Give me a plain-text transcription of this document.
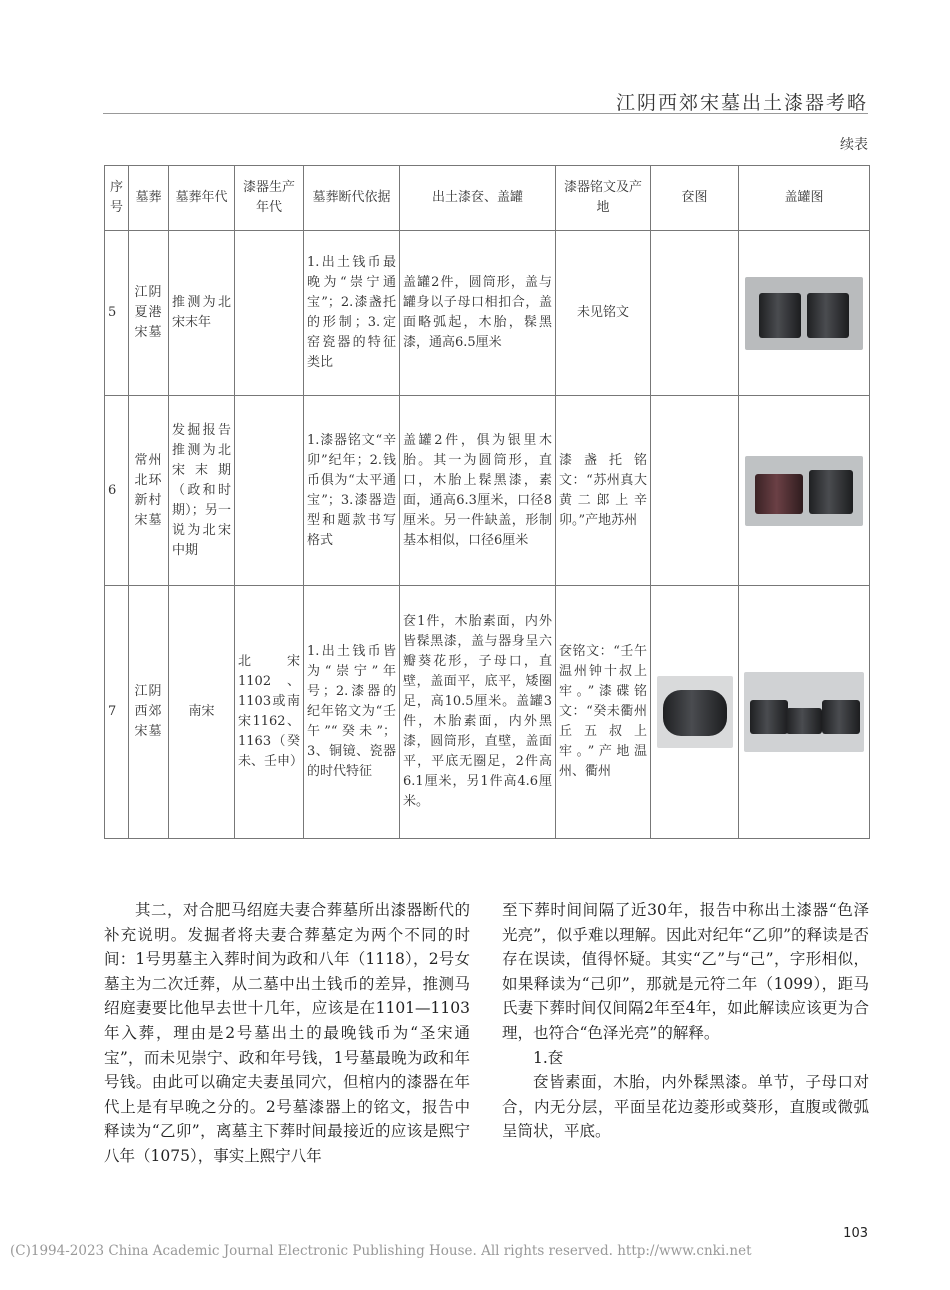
江阴西郊宋墓出土漆器考略
续表
序号	墓葬	墓葬年代	漆器生产年代	墓葬断代依据	出土漆奁、盖罐	漆器铭文及产地	奁图	盖罐图
5	江阴夏港宋墓	推测为北宋末年		1.出土钱币最晚为“崇宁通宝”；2.漆盏托的形制；3.定窑瓷器的特征类比	盖罐2件，圆筒形，盖与罐身以子母口相扣合，盖面略弧起，木胎，髹黑漆，通高6.5厘米	未见铭文		

6	常州北环新村宋墓	发掘报告推测为北宋末期（政和时期）；另一说为北宋中期		1.漆器铭文“辛卯”纪年；2.钱币俱为“太平通宝”；3.漆器造型和题款书写格式	盖罐2件，俱为银里木胎。其一为圆筒形，直口，木胎上髹黑漆，素面，通高6.3厘米，口径8厘米。另一件缺盖，形制基本相似，口径6厘米	漆盏托铭文：“苏州真大黄二郎上辛卯。”产地苏州		

7	江阴西郊宋墓	南宋	北宋1102、1103或南宋1162、1163（癸未、壬申）	1.出土钱币皆为“崇宁”年号；2.漆器的纪年铭文为“壬午”“癸未”；3、铜镜、瓷器的时代特征	奁1件，木胎素面，内外皆髹黑漆，盖与器身呈六瓣葵花形，子母口，直壁，盖面平，底平，矮圈足，高10.5厘米。盖罐3件，木胎素面，内外黑漆，圆筒形，直壁，盖面平，平底无圈足，2件高6.1厘米，另1件高4.6厘米。	奁铭文：“壬午温州钟十叔上牢。”漆碟铭文：“癸未衢州丘五叔上牢。”产地温州、衢州	

其二，对合肥马绍庭夫妻合葬墓所出漆器断代的补充说明。发掘者将夫妻合葬墓定为两个不同的时间：1号男墓主入葬时间为政和八年（1118），2号女墓主为二次迁葬，从二墓中出土钱币的差异，推测马绍庭妻要比他早去世十几年，应该是在1101—1103年入葬，理由是2号墓出土的最晚钱币为“圣宋通宝”，而未见崇宁、政和年号钱，1号墓最晚为政和年号钱。由此可以确定夫妻虽同穴，但棺内的漆器在年代上是有早晚之分的。2号墓漆器上的铭文，报告中释读为“乙卯”，离墓主下葬时间最接近的应该是熙宁八年（1075），事实上熙宁八年

至下葬时间间隔了近30年，报告中称出土漆器“色泽光亮”，似乎难以理解。因此对纪年“乙卯”的释读是否存在误读，值得怀疑。其实“乙”与“己”，字形相似，如果释读为“己卯”，那就是元符二年（1099），距马氏妻下葬时间仅间隔2年至4年，如此解读应该更为合理，也符合“色泽光亮”的解释。

1.奁

奁皆素面，木胎，内外髹黑漆。单节，子母口对合，内无分层，平面呈花边菱形或葵形，直腹或微弧呈筒状，平底。

103
(C)1994-2023 China Academic Journal Electronic Publishing House. All rights reserved. http://www.cnki.net
